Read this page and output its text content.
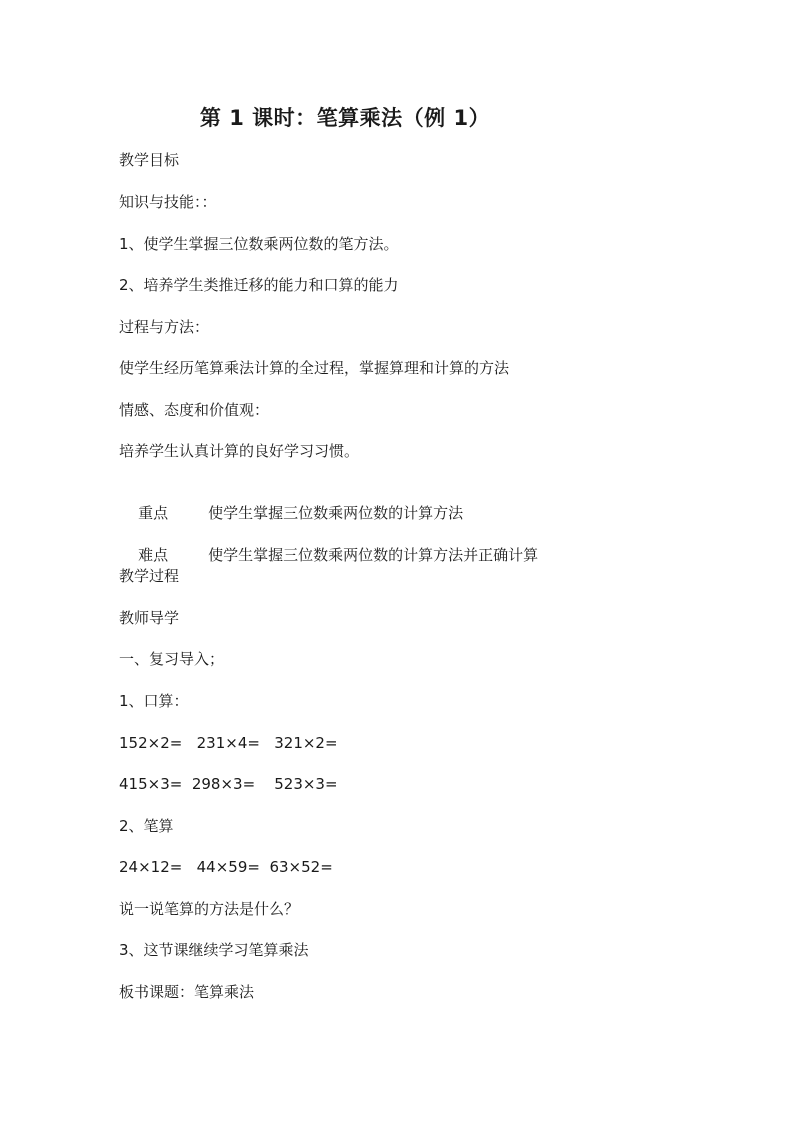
第 1 课时：笔算乘法（例 1）
教学目标
知识与技能：：
1、使学生掌握三位数乘两位数的笔方法。
2、培养学生类推迁移的能力和口算的能力
过程与方法：
使学生经历笔算乘法计算的全过程，掌握算理和计算的方法
情感、态度和价值观：
培养学生认真计算的良好学习习惯。

重点	使学生掌握三位数乘两位数的计算方法

难点	使学生掌握三位数乘两位数的计算方法并正确计算

教学过程
教师导学
一、复习导入；
1、口算：
152×2=   231×4=   321×2=
415×3=  298×3=    523×3=
2、笔算
24×12=   44×59=  63×52=
说一说笔算的方法是什么？
3、这节课继续学习笔算乘法
板书课题：笔算乘法
